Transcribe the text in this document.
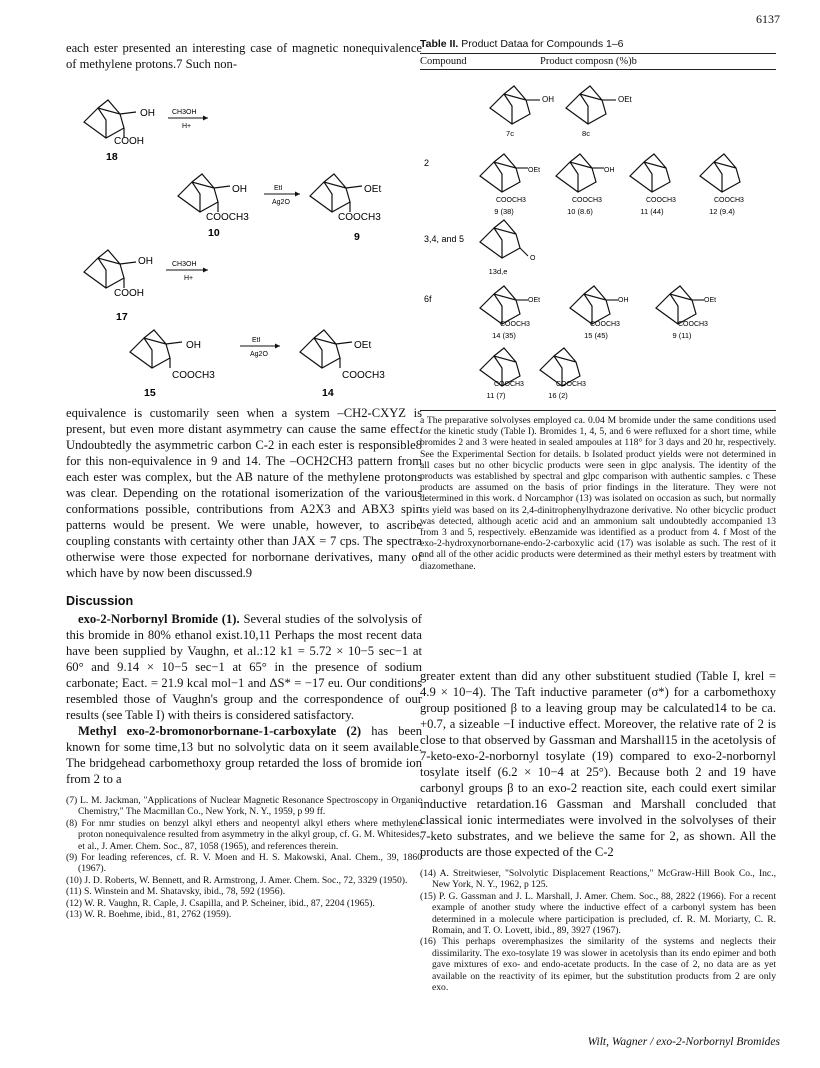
6137

each ester presented an interesting case of magnetic nonequivalence of methylene protons.7 Such non-

OH
COOH
18
CH3OH
H+
OH
COOCH3
10
EtI
Ag2O
OEt
COOCH3
9
OH
COOH
17
CH3OH
H+
OH
COOCH3
15
EtI
Ag2O
OEt
COOCH3
14

equivalence is customarily seen when a system –CH2-CXYZ is present, but even more distant asymmetry can cause the same effect. Undoubtedly the asymmetric carbon C-2 in each ester is responsible8 for this non-equivalence in 9 and 14. The –OCH2CH3 pattern from each ester was complex, but the AB nature of the methylene protons was clear. Depending on the rotational isomerization of the various conformations possible, contributions from A2X3 and ABX3 spin patterns would be present. We were unable, however, to ascribe coupling constants with certainty other than JAX = 7 cps. The spectra otherwise were those expected for norbornane derivatives, many of which have by now been discussed.9

Discussion

exo-2-Norbornyl Bromide (1). Several studies of the solvolysis of this bromide in 80% ethanol exist.10,11 Perhaps the most recent data have been supplied by Vaughn, et al.:12 k1 = 5.72 × 10−5 sec−1 at 60° and 9.14 × 10−5 sec−1 at 65° in the presence of sodium carbonate; Eact. = 21.9 kcal mol−1 and ΔS* = −17 eu. Our conditions resembled those of Vaughn's group and the correspondence of our results (see Table I) with theirs is considered satisfactory.

Methyl exo-2-bromonorbornane-1-carboxylate (2) has been known for some time,13 but no solvolytic data on it seem available. The bridgehead carbomethoxy group retarded the loss of bromide ion from 2 to a

(7) L. M. Jackman, "Applications of Nuclear Magnetic Resonance Spectroscopy in Organic Chemistry," The Macmillan Co., New York, N. Y., 1959, p 99 ff.

(8) For nmr studies on benzyl alkyl ethers and neopentyl alkyl ethers where methylene proton nonequivalence resulted from asymmetry in the alkyl group, cf. G. M. Whitesides, et al., J. Amer. Chem. Soc., 87, 1058 (1965), and references therein.

(9) For leading references, cf. R. V. Moen and H. S. Makowski, Anal. Chem., 39, 1860 (1967).

(10) J. D. Roberts, W. Bennett, and R. Armstrong, J. Amer. Chem. Soc., 72, 3329 (1950).

(11) S. Winstein and M. Shatavsky, ibid., 78, 592 (1956).

(12) W. R. Vaughn, R. Caple, J. Csapilla, and P. Scheiner, ibid., 87, 2204 (1965).

(13) W. R. Boehme, ibid., 81, 2762 (1959).

Table II. Product Dataa for Compounds 1–6

Compound	Product composn (%)b
OH
7c
OEt
8c
2
OEt
COOCH3
9 (38)
OH
COOCH3
10 (8.6)
COOCH3
11 (44)
COOCH3
12 (9.4)
3,4, and 5
O
13d,e
6f	OEt
COOCH3
14 (35)
OH
COOCH3
15 (45)
OEt
COOCH3
9 (11)
COOCH3
11 (7)
COOCH3
16 (2)

a The preparative solvolyses employed ca. 0.04 M bromide under the same conditions used for the kinetic study (Table I). Bromides 1, 4, 5, and 6 were refluxed for a short time, while bromides 2 and 3 were heated in sealed ampoules at 118° for 3 days and 20 hr, respectively. See the Experimental Section for details. b Isolated product yields were not determined in all cases but no other bicyclic products were seen in glpc analysis. The identity of the products was established by spectral and glpc comparison with authentic samples. c These products are assumed on the basis of prior findings in the literature. They were not determined in this work. d Norcamphor (13) was isolated on occasion as such, but normally its yield was based on its 2,4-dinitrophenylhydrazone derivative. No other bicyclic product was detected, although acetic acid and an ammonium salt undoubtedly accompanied 13 from 3 and 5, respectively. eBenzamide was identified as a product from 4. f Most of the exo-2-hydroxynorbornane-endo-2-carboxylic acid (17) was isolable as such. The rest of it and all of the other acidic products were determined as their methyl esters by treatment with diazomethane.

greater extent than did any other substituent studied (Table I, krel = 4.9 × 10−4). The Taft inductive parameter (σ*) for a carbomethoxy group positioned β to a leaving group may be calculated14 to be ca. +0.7, a sizeable −I inductive effect. Moreover, the relative rate of 2 is close to that observed by Gassman and Marshall15 in the acetolysis of 7-keto-exo-2-norbornyl tosylate (19) compared to exo-2-norbornyl tosylate itself (6.2 × 10−4 at 25°). Because both 2 and 19 have carbonyl groups β to an exo-2 reaction site, each could exert similar inductive retardation.16 Gassman and Marshall concluded that classical ionic intermediates were involved in the solvolyses of their 7-keto substrates, and we believe the same for 2, as shown. All the products are those expected of the C-2

(14) A. Streitwieser, "Solvolytic Displacement Reactions," McGraw-Hill Book Co., Inc., New York, N. Y., 1962, p 125.

(15) P. G. Gassman and J. L. Marshall, J. Amer. Chem. Soc., 88, 2822 (1966). For a recent example of another study where the inductive effect of a carbonyl system has been determined in a molecule where participation is precluded, cf. R. M. Moriarty, C. R. Romain, and T. O. Lovett, ibid., 89, 3927 (1967).

(16) This perhaps overemphasizes the similarity of the systems and neglects their dissimilarity. The exo-tosylate 19 was slower in acetolysis than its endo epimer and both gave mixtures of exo- and endo-acetate products. In the case of 2, no data are as yet available on the reactivity of its epimer, but the substitution products from 2 are only exo.

Wilt, Wagner / exo-2-Norbornyl Bromides
